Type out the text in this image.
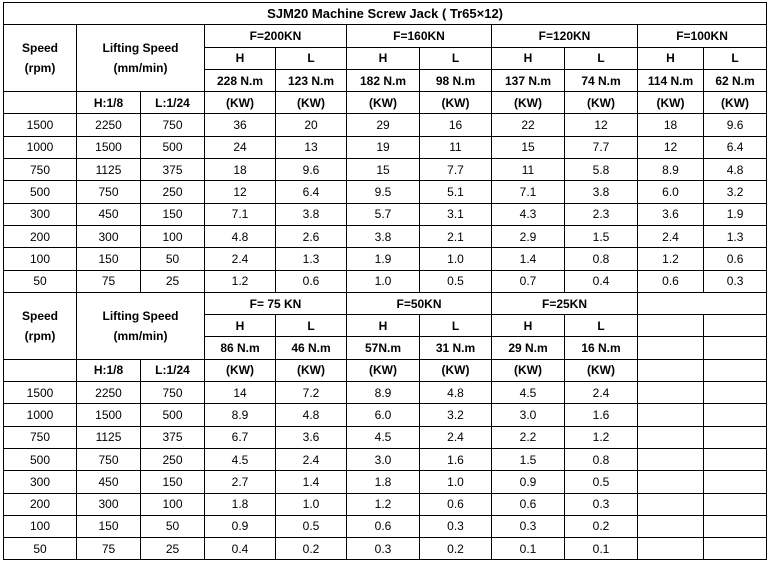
SJM20 Machine Screw Jack ( Tr65×12)										

Speed
(rpm)	Lifting Speed
(mm/min)		F=200KN		F=160KN		F=120KN		F=100KN	
			H	L	H	L	H	L	H	L
			228 N.m	123 N.m	182 N.m	98 N.m	137 N.m	74 N.m	114 N.m	62 N.m
	H:1/8	L:1/24	(KW)	(KW)	(KW)	(KW)	(KW)	(KW)	(KW)	(KW)
1500	2250	750	36	20	29	16	22	12	18	9.6
1000	1500	500	24	13	19	11	15	7.7	12	6.4
750	1125	375	18	9.6	15	7.7	11	5.8	8.9	4.8
500	750	250	12	6.4	9.5	5.1	7.1	3.8	6.0	3.2
300	450	150	7.1	3.8	5.7	3.1	4.3	2.3	3.6	1.9
200	300	100	4.8	2.6	3.8	2.1	2.9	1.5	2.4	1.3
100	150	50	2.4	1.3	1.9	1.0	1.4	0.8	1.2	0.6
50	75	25	1.2	0.6	1.0	0.5	0.7	0.4	0.6	0.3

Speed
(rpm)	Lifting Speed
(mm/min)		F= 75 KN		F=50KN		F=25KN			
			H	L	H	L	H	L		
			86 N.m	46 N.m	57N.m	31 N.m	29 N.m	16 N.m		
	H:1/8	L:1/24	(KW)	(KW)	(KW)	(KW)	(KW)	(KW)		
1500	2250	750	14	7.2	8.9	4.8	4.5	2.4		
1000	1500	500	8.9	4.8	6.0	3.2	3.0	1.6		
750	1125	375	6.7	3.6	4.5	2.4	2.2	1.2		
500	750	250	4.5	2.4	3.0	1.6	1.5	0.8		
300	450	150	2.7	1.4	1.8	1.0	0.9	0.5		
200	300	100	1.8	1.0	1.2	0.6	0.6	0.3		
100	150	50	0.9	0.5	0.6	0.3	0.3	0.2		
50	75	25	0.4	0.2	0.3	0.2	0.1	0.1		
